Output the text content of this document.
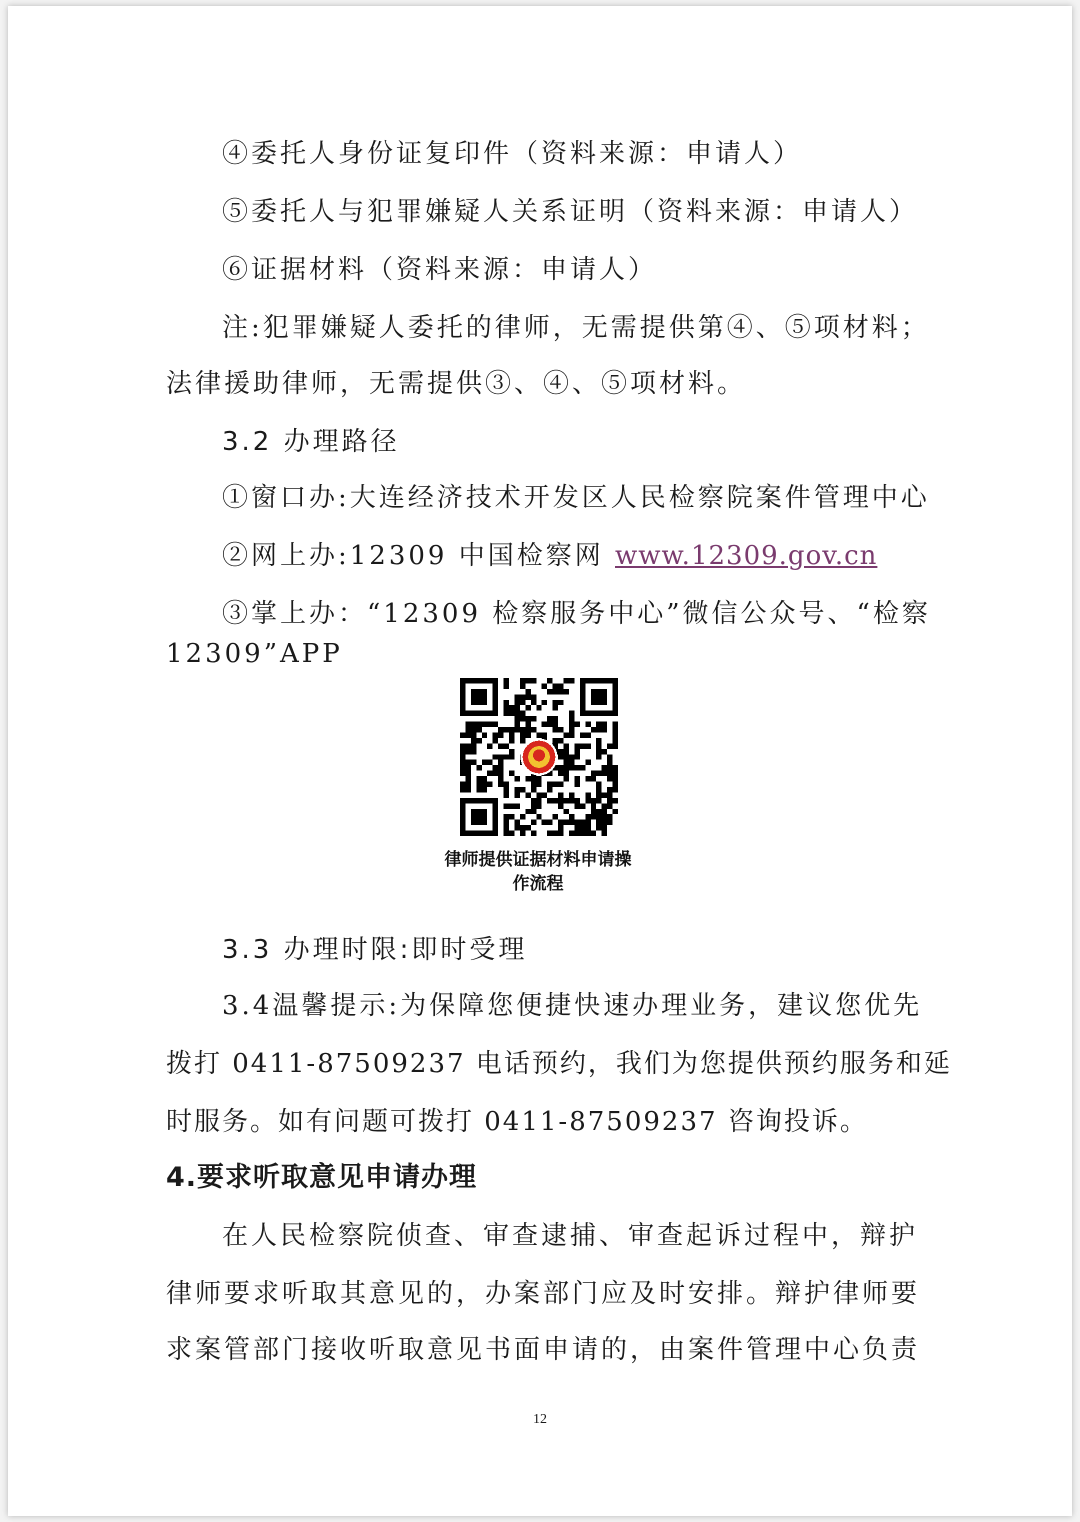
④委托人身份证复印件（资料来源：申请人）
⑤委托人与犯罪嫌疑人关系证明（资料来源：申请人）
⑥证据材料（资料来源：申请人）
注:犯罪嫌疑人委托的律师，无需提供第④、⑤项材料；
法律援助律师，无需提供③、④、⑤项材料。
3.2 办理路径
①窗口办:大连经济技术开发区人民检察院案件管理中心
②网上办:12309 中国检察网 www.12309.gov.cn
③掌上办：“12309 检察服务中心”微信公众号、“检察
12309”APP
律师提供证据材料申请操
作流程
3.3 办理时限:即时受理
3.4温馨提示:为保障您便捷快速办理业务，建议您优先
拨打 0411-87509237 电话预约，我们为您提供预约服务和延
时服务。如有问题可拨打 0411-87509237 咨询投诉。
4.要求听取意见申请办理
在人民检察院侦查、审查逮捕、审查起诉过程中，辩护
律师要求听取其意见的，办案部门应及时安排。辩护律师要
求案管部门接收听取意见书面申请的，由案件管理中心负责
12
